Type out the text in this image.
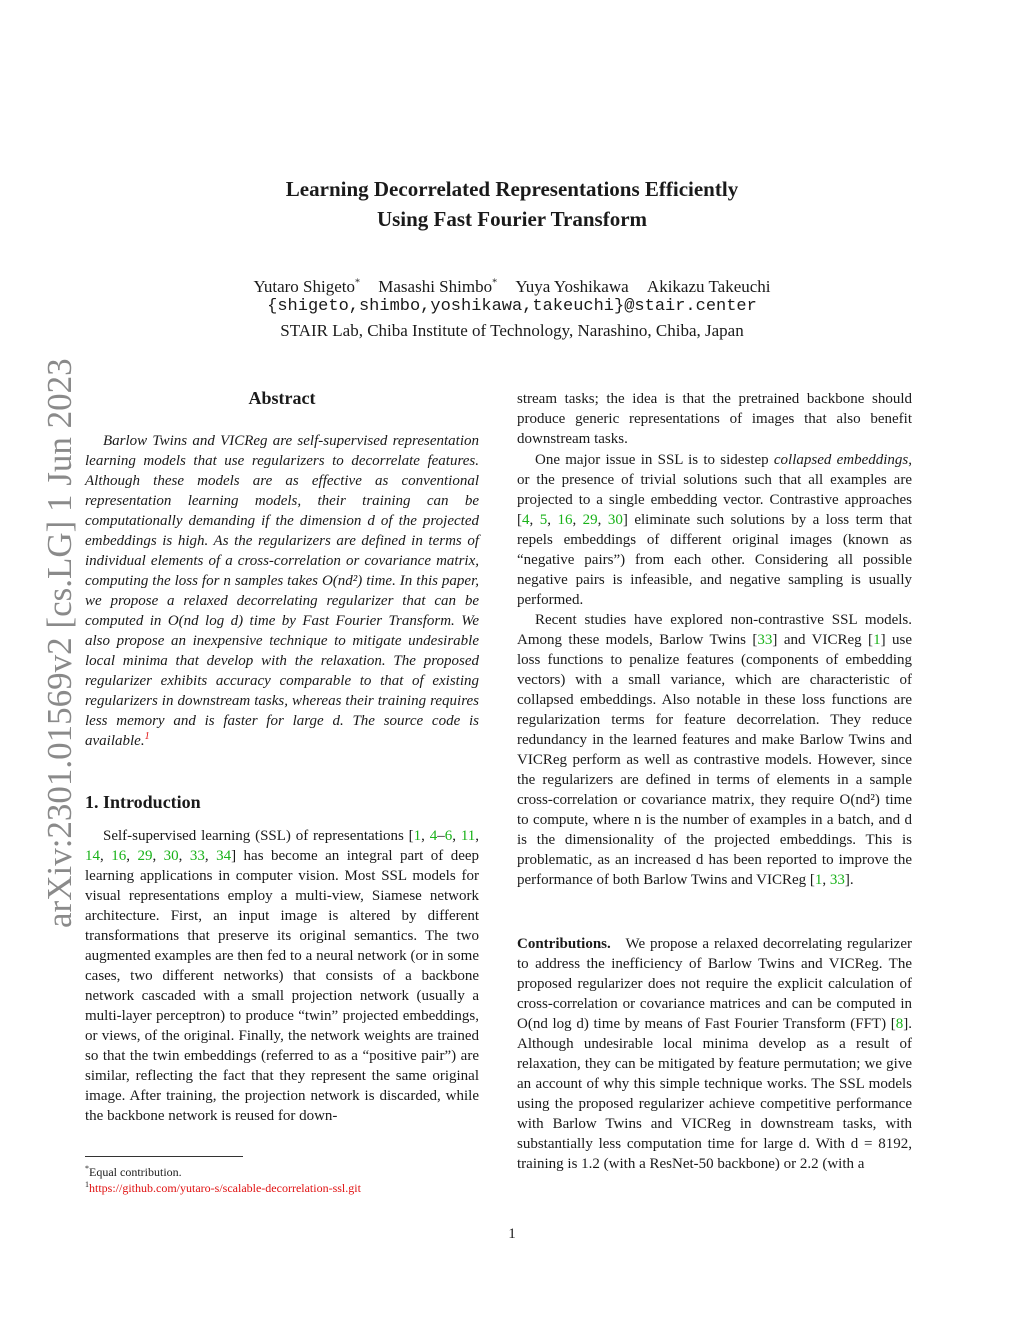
Learning Decorrelated Representations Efficiently
Using Fast Fourier Transform
Yutaro Shigeto* Masashi Shimbo* Yuya Yoshikawa Akikazu Takeuchi
{shigeto,shimbo,yoshikawa,takeuchi}@stair.center
STAIR Lab, Chiba Institute of Technology, Narashino, Chiba, Japan
arXiv:2301.01569v2 [cs.LG] 1 Jun 2023	Abstract

Barlow Twins and VICReg are self-supervised representation learning models that use regularizers to decorrelate features. Although these models are as effective as conventional representation learning models, their training can be computationally demanding if the dimension d of the projected embeddings is high. As the regularizers are defined in terms of individual elements of a cross-correlation or covariance matrix, computing the loss for n samples takes O(nd²) time. In this paper, we propose a relaxed decorrelating regularizer that can be computed in O(nd log d) time by Fast Fourier Transform. We also propose an inexpensive technique to mitigate undesirable local minima that develop with the relaxation. The proposed regularizer exhibits accuracy comparable to that of existing regularizers in downstream tasks, whereas their training requires less memory and is faster for large d. The source code is available.$^1$

1. Introduction

Self-supervised learning (SSL) of representations [1, 4–6, 11, 14, 16, 29, 30, 33, 34] has become an integral part of deep learning applications in computer vision. Most SSL models for visual representations employ a multi-view, Siamese network architecture. First, an input image is altered by different transformations that preserve its original semantics. The two augmented examples are then fed to a neural network (or in some cases, two different networks) that consists of a backbone network cascaded with a small projection network (usually a multi-layer perceptron) to produce “twin” projected embeddings, or views, of the original. Finally, the network weights are trained so that the twin embeddings (referred to as a “positive pair”) are similar, reflecting the fact that they represent the same original image. After training, the projection network is discarded, while the backbone network is reused for down-

*Equal contribution.
$^1$https://github.com/yutaro-s/scalable-decorrelation-ssl.git

stream tasks; the idea is that the pretrained backbone should produce generic representations of images that also benefit downstream tasks.

One major issue in SSL is to sidestep collapsed embeddings, or the presence of trivial solutions such that all examples are projected to a single embedding vector. Contrastive approaches [4, 5, 16, 29, 30] eliminate such solutions by a loss term that repels embeddings of different original images (known as “negative pairs”) from each other. Considering all possible negative pairs is infeasible, and negative sampling is usually performed.

Recent studies have explored non-contrastive SSL models. Among these models, Barlow Twins [33] and VICReg [1] use loss functions to penalize features (components of embedding vectors) with a small variance, which are characteristic of collapsed embeddings. Also notable in these loss functions are regularization terms for feature decorrelation. They reduce redundancy in the learned features and make Barlow Twins and VICReg perform as well as contrastive models. However, since the regularizers are defined in terms of elements in a sample cross-correlation or covariance matrix, they require O(nd²) time to compute, where n is the number of examples in a batch, and d is the dimensionality of the projected embeddings. This is problematic, as an increased d has been reported to improve the performance of both Barlow Twins and VICReg [1, 33].

Contributions. We propose a relaxed decorrelating regularizer to address the inefficiency of Barlow Twins and VICReg. The proposed regularizer does not require the explicit calculation of cross-correlation or covariance matrices and can be computed in O(nd log d) time by means of Fast Fourier Transform (FFT) [8]. Although undesirable local minima develop as a result of relaxation, they can be mitigated by feature permutation; we give an account of why this simple technique works. The SSL models using the proposed regularizer achieve competitive performance with Barlow Twins and VICReg in downstream tasks, with substantially less computation time for large d. With d = 8192, training is 1.2 (with a ResNet-50 backbone) or 2.2 (with a

1
